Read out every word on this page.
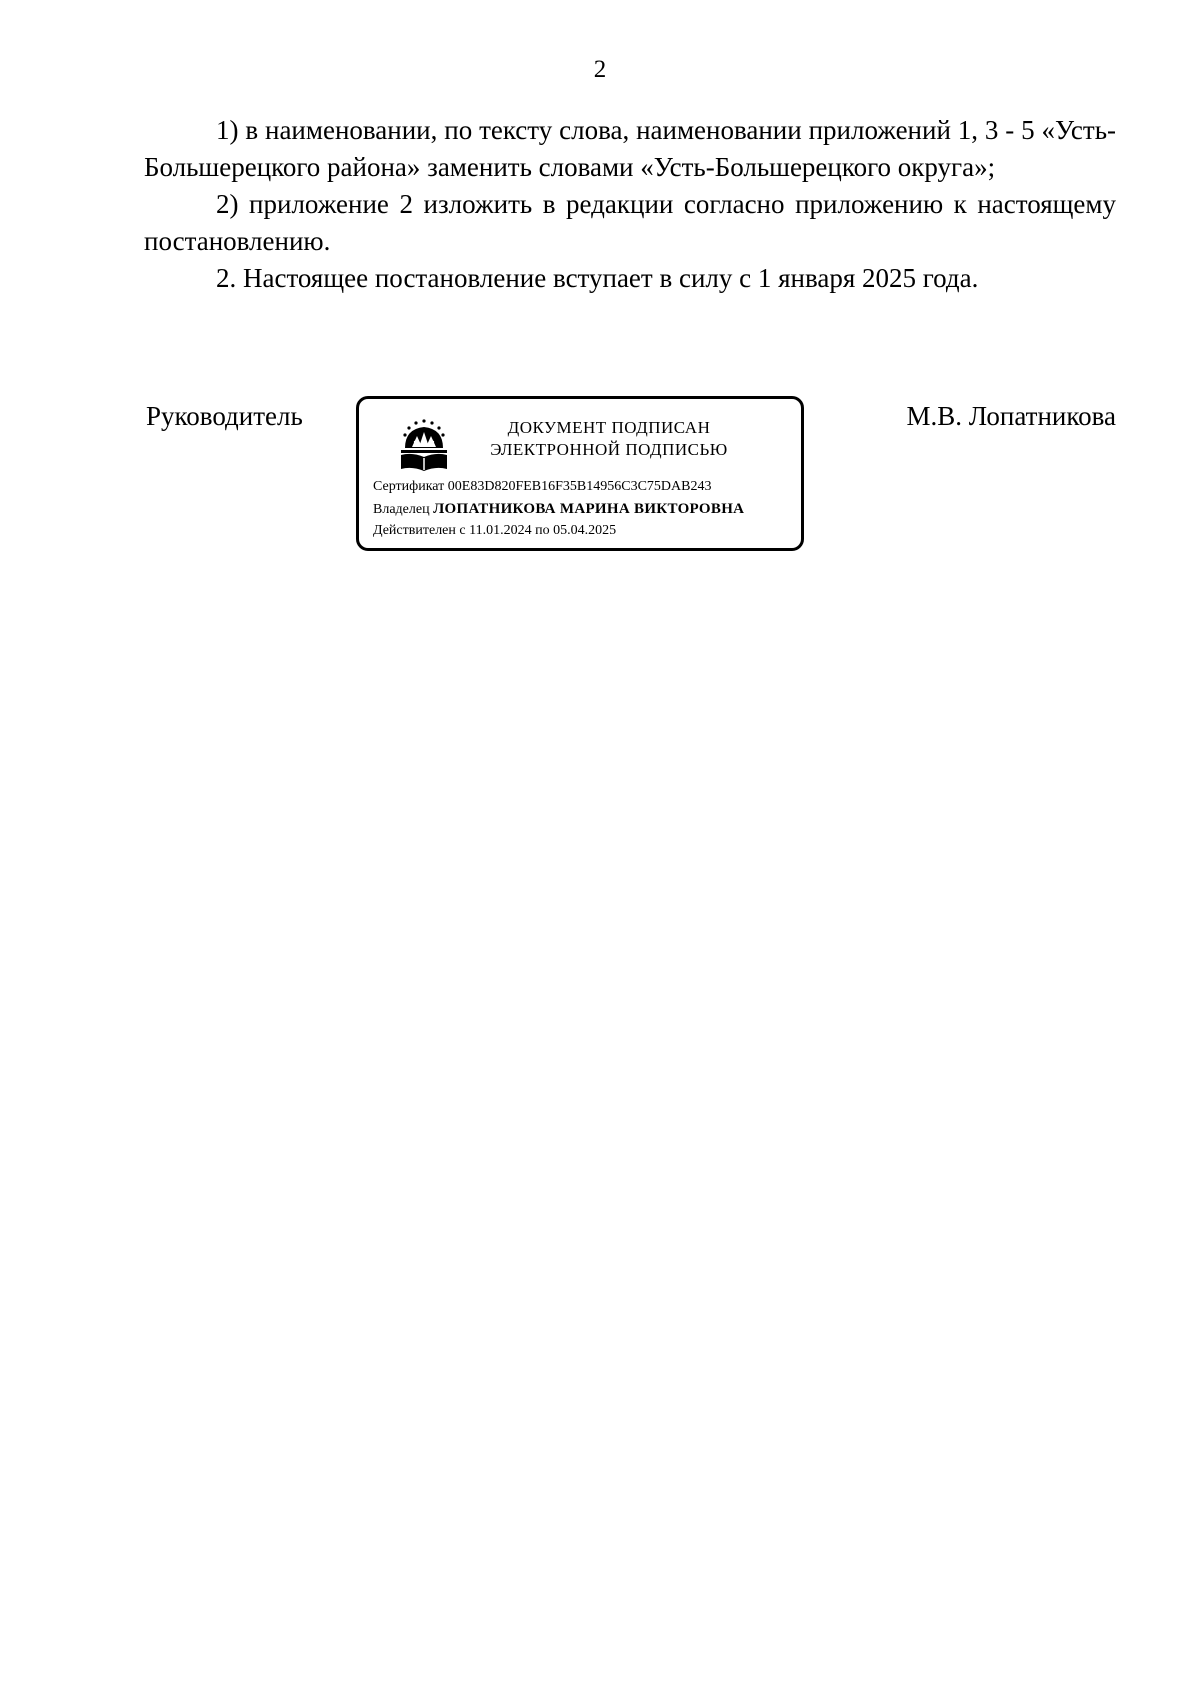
2

1) в наименовании, по тексту слова, наименовании приложений 1, 3 - 5 «Усть-Большерецкого района» заменить словами «Усть-Большерецкого округа»;

2) приложение 2 изложить в редакции согласно приложению к настоящему постановлению.

2. Настоящее постановление вступает в силу с 1 января 2025 года.

Руководитель	ДОКУМЕНТ ПОДПИСАН
ЭЛЕКТРОННОЙ ПОДПИСЬЮ
Сертификат 00E83D820FEB16F35B14956C3C75DAB243
Владелец ЛОПАТНИКОВА МАРИНА ВИКТОРОВНА
Действителен с 11.01.2024 по 05.04.2025
М.В. Лопатникова
